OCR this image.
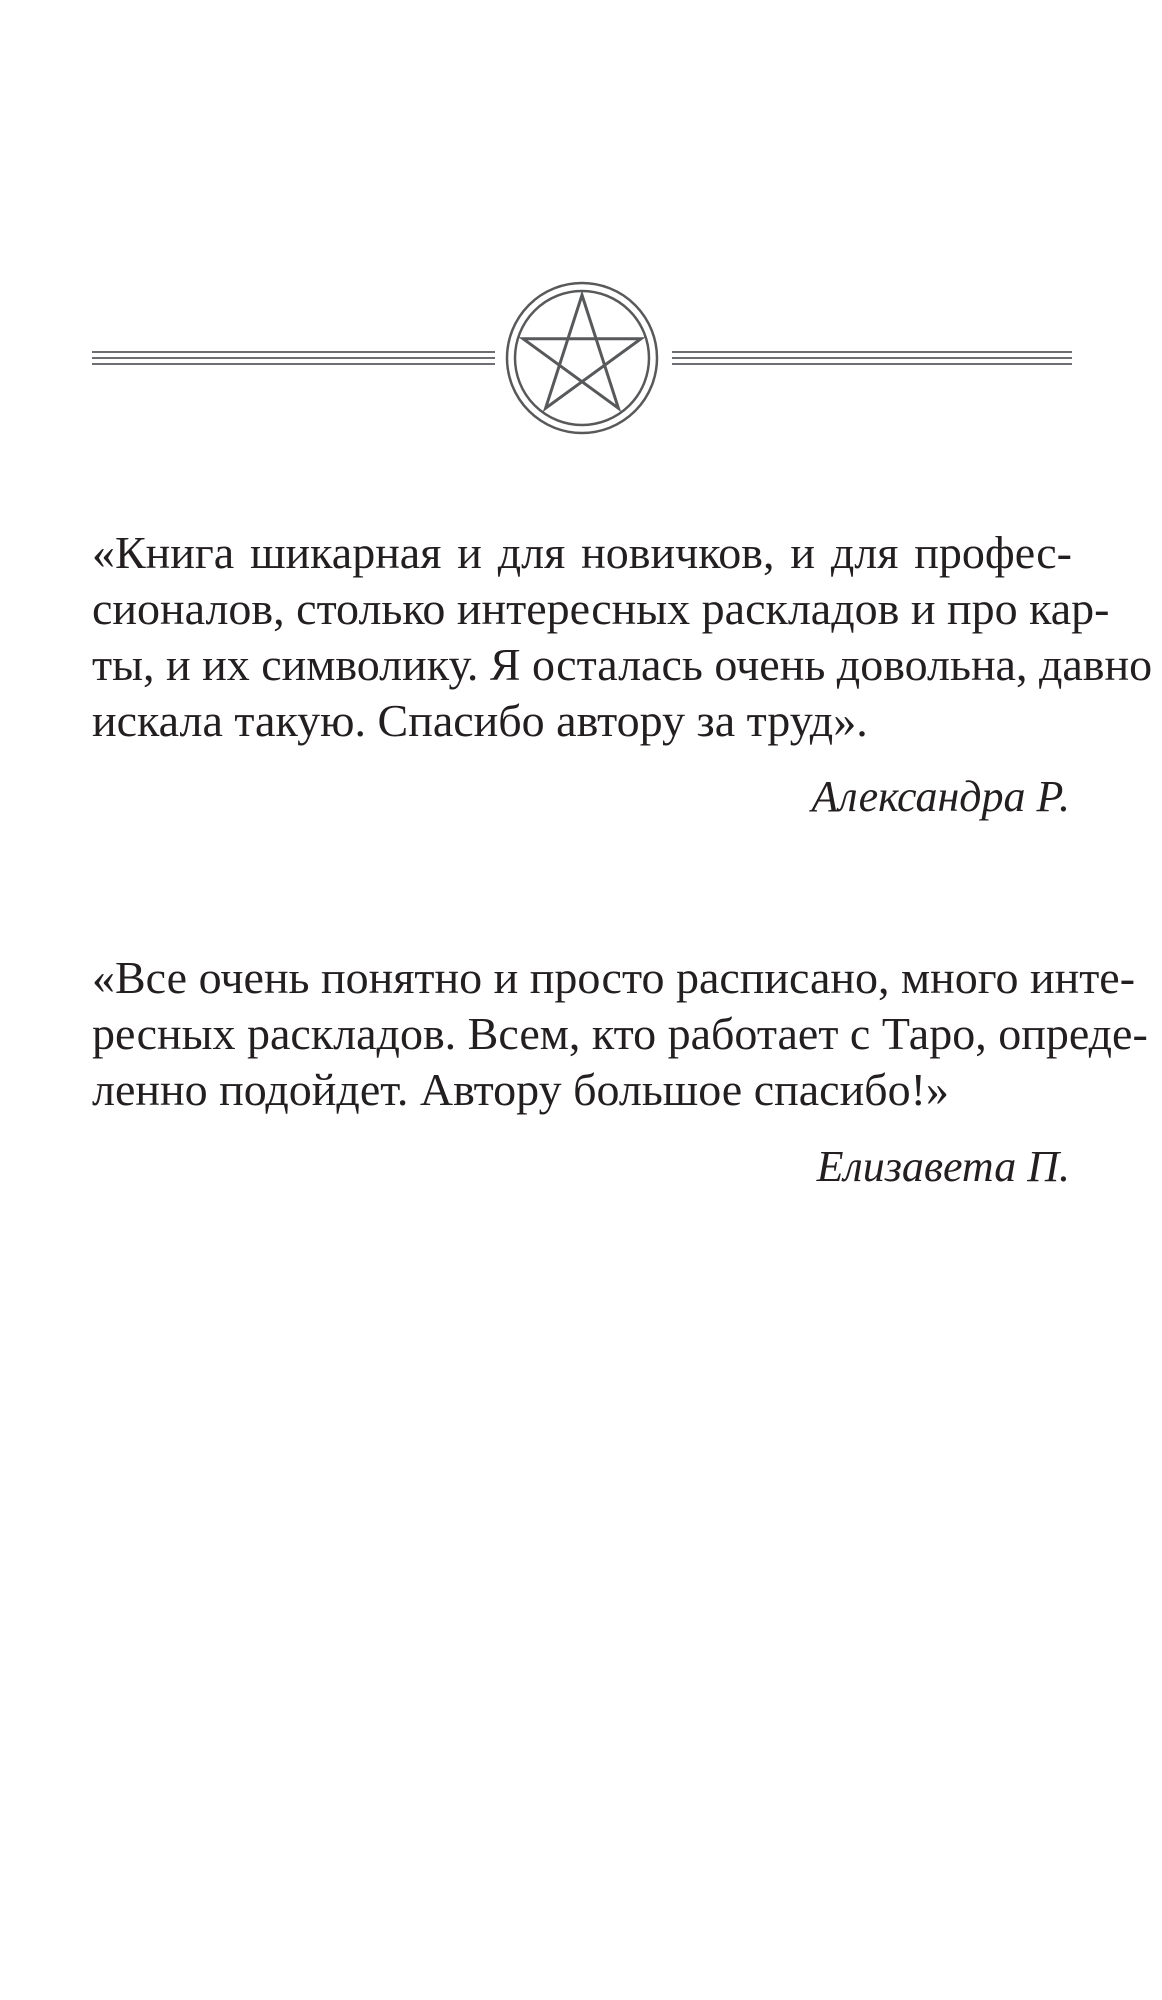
«Книга шикарная и для новичков, и для профес-
сионалов, столько интересных раскладов и про кар-
ты, и их символику. Я осталась очень довольна, давно
искала такую. Спасибо автору за труд».

Александра Р.

«Все очень понятно и просто расписано, много инте-
ресных раскладов. Всем, кто работает с Таро, опреде-
ленно подойдет. Автору большое спасибо!»

Елизавета П.
